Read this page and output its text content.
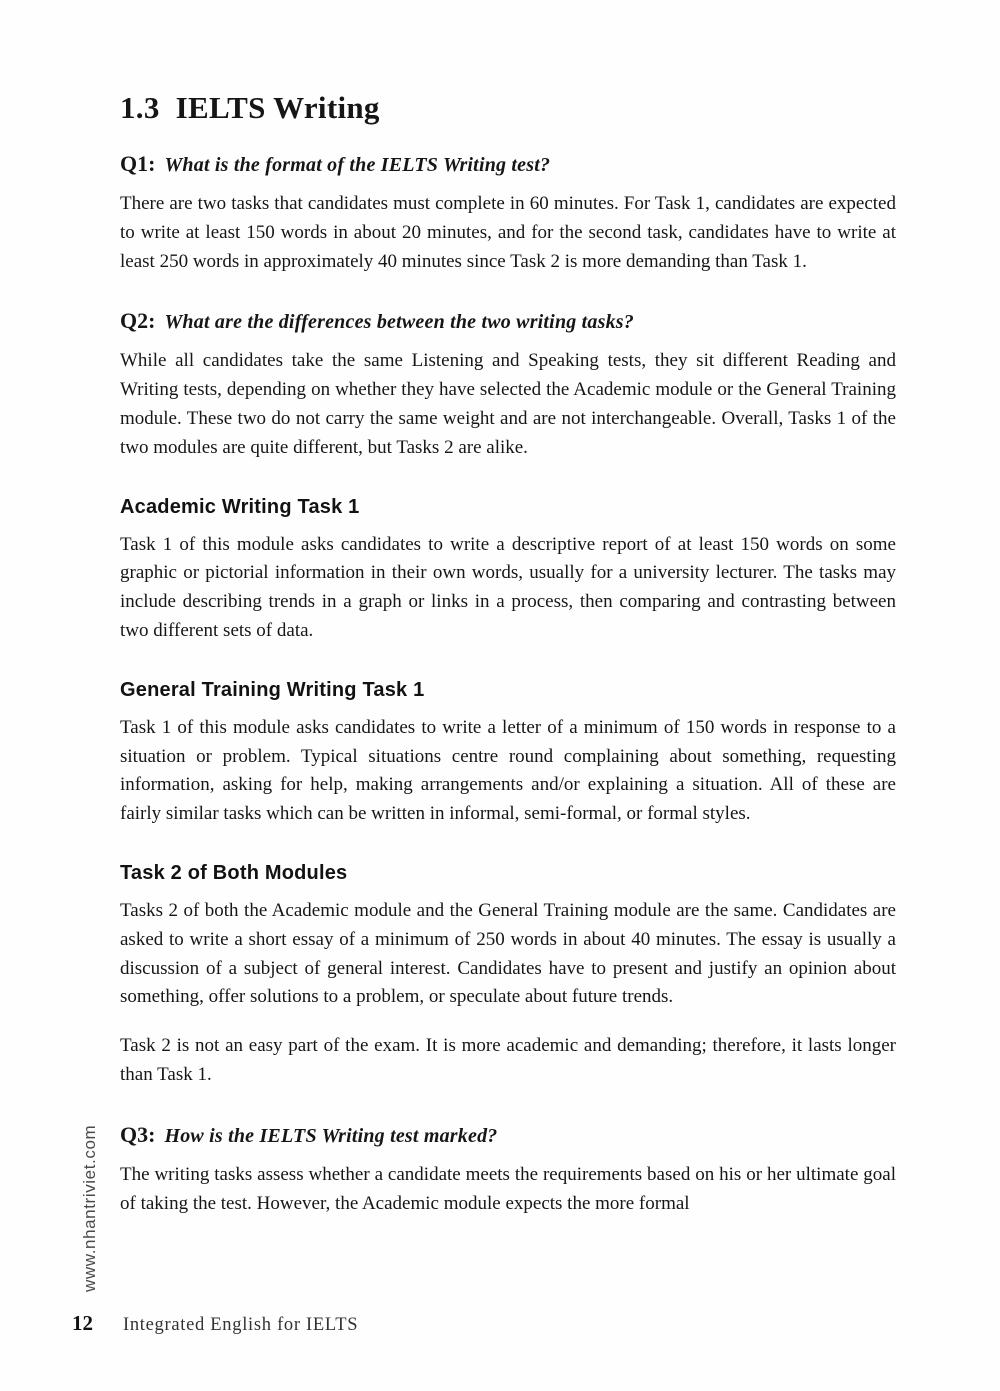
1.3 IELTS Writing
Q1: What is the format of the IELTS Writing test?

There are two tasks that candidates must complete in 60 minutes. For Task 1, candidates are expected to write at least 150 words in about 20 minutes, and for the second task, candidates have to write at least 250 words in approximately 40 minutes since Task 2 is more demanding than Task 1.

Q2: What are the differences between the two writing tasks?

While all candidates take the same Listening and Speaking tests, they sit different Reading and Writing tests, depending on whether they have selected the Academic module or the General Training module. These two do not carry the same weight and are not interchangeable. Overall, Tasks 1 of the two modules are quite different, but Tasks 2 are alike.

Academic Writing Task 1

Task 1 of this module asks candidates to write a descriptive report of at least 150 words on some graphic or pictorial information in their own words, usually for a university lecturer. The tasks may include describing trends in a graph or links in a process, then comparing and contrasting between two different sets of data.

General Training Writing Task 1

Task 1 of this module asks candidates to write a letter of a minimum of 150 words in response to a situation or problem. Typical situations centre round complaining about something, requesting information, asking for help, making arrangements and/or explaining a situation. All of these are fairly similar tasks which can be written in informal, semi-formal, or formal styles.

Task 2 of Both Modules

Tasks 2 of both the Academic module and the General Training module are the same. Candidates are asked to write a short essay of a minimum of 250 words in about 40 minutes. The essay is usually a discussion of a subject of general interest. Candidates have to present and justify an opinion about something, offer solutions to a problem, or speculate about future trends.

Task 2 is not an easy part of the exam. It is more academic and demanding; therefore, it lasts longer than Task 1.

Q3: How is the IELTS Writing test marked?

The writing tasks assess whether a candidate meets the requirements based on his or her ultimate goal of taking the test. However, the Academic module expects the more formal

www.nhantriviet.com
12 Integrated English for IELTS
